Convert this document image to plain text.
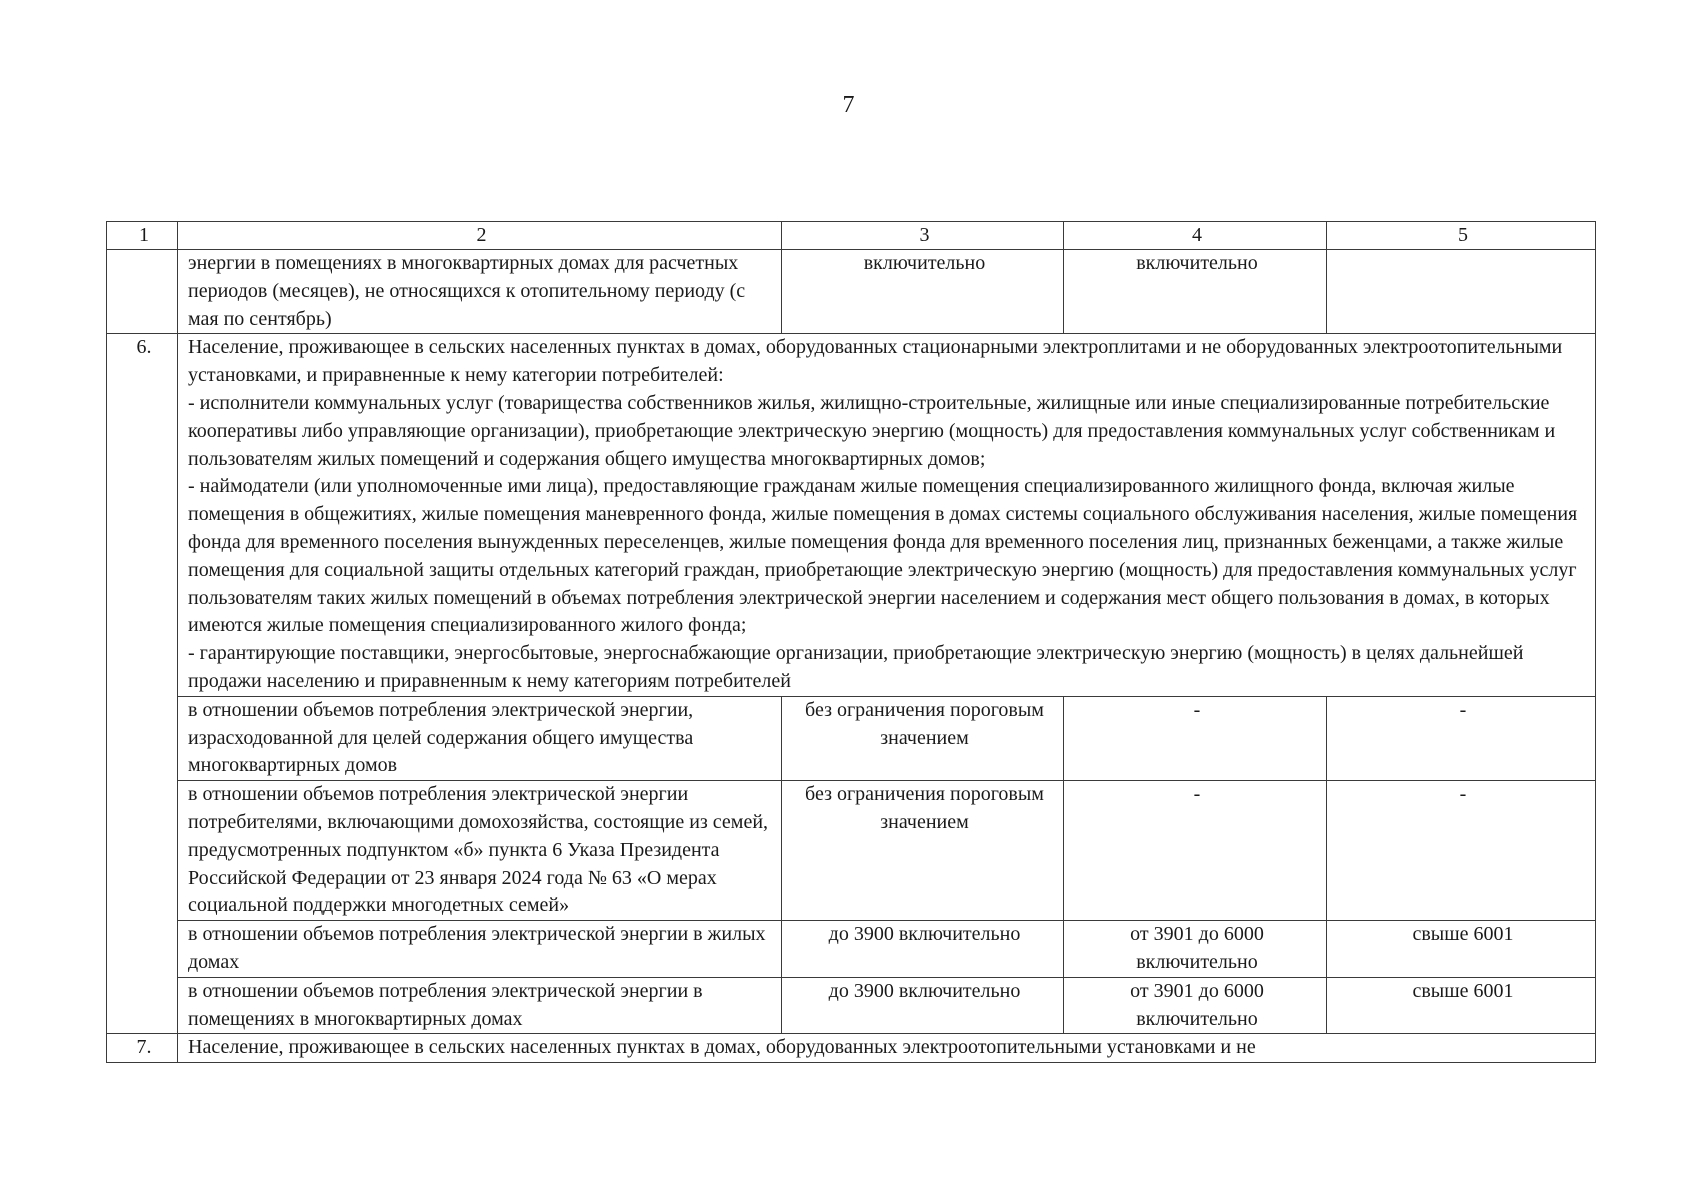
7
1	2	3	4	5
	энергии в помещениях в многоквартирных домах для расчетных периодов (месяцев), не относящихся к отопительному периоду (с мая по сентябрь)	включительно	включительно	
6.	Население, проживающее в сельских населенных пунктах в домах, оборудованных стационарными электроплитами и не оборудованных электроотопительными установками, и приравненные к нему категории потребителей:
- исполнители коммунальных услуг (товарищества собственников жилья, жилищно-строительные, жилищные или иные специализированные потребительские кооперативы либо управляющие организации), приобретающие электрическую энергию (мощность) для предоставления коммунальных услуг собственникам и пользователям жилых помещений и содержания общего имущества многоквартирных домов;
- наймодатели (или уполномоченные ими лица), предоставляющие гражданам жилые помещения специализированного жилищного фонда, включая жилые помещения в общежитиях, жилые помещения маневренного фонда, жилые помещения в домах системы социального обслуживания населения, жилые помещения фонда для временного поселения вынужденных переселенцев, жилые помещения фонда для временного поселения лиц, признанных беженцами, а также жилые помещения для социальной защиты отдельных категорий граждан, приобретающие электрическую энергию (мощность) для предоставления коммунальных услуг пользователям таких жилых помещений в объемах потребления электрической энергии населением и содержания мест общего пользования в домах, в которых имеются жилые помещения специализированного жилого фонда;
- гарантирующие поставщики, энергосбытовые, энергоснабжающие организации, приобретающие электрическую энергию (мощность) в целях дальнейшей продажи населению и приравненным к нему категориям потребителей			

	в отношении объемов потребления электрической энергии, израсходованной для целей содержания общего имущества многоквартирных домов	без ограничения пороговым значением	-	-
	в отношении объемов потребления электрической энергии потребителями, включающими домохозяйства, состоящие из семей, предусмотренных подпунктом «б» пункта 6 Указа Президента Российской Федерации от 23 января 2024 года № 63 «О мерах социальной поддержки многодетных семей»	без ограничения пороговым значением	-	-
	в отношении объемов потребления электрической энергии в жилых домах	до 3900 включительно	от 3901 до 6000 включительно	свыше 6001
	в отношении объемов потребления электрической энергии в помещениях в многоквартирных домах	до 3900 включительно	от 3901 до 6000 включительно	свыше 6001
7.	Население, проживающее в сельских населенных пунктах в домах, оборудованных электроотопительными установками и не			
